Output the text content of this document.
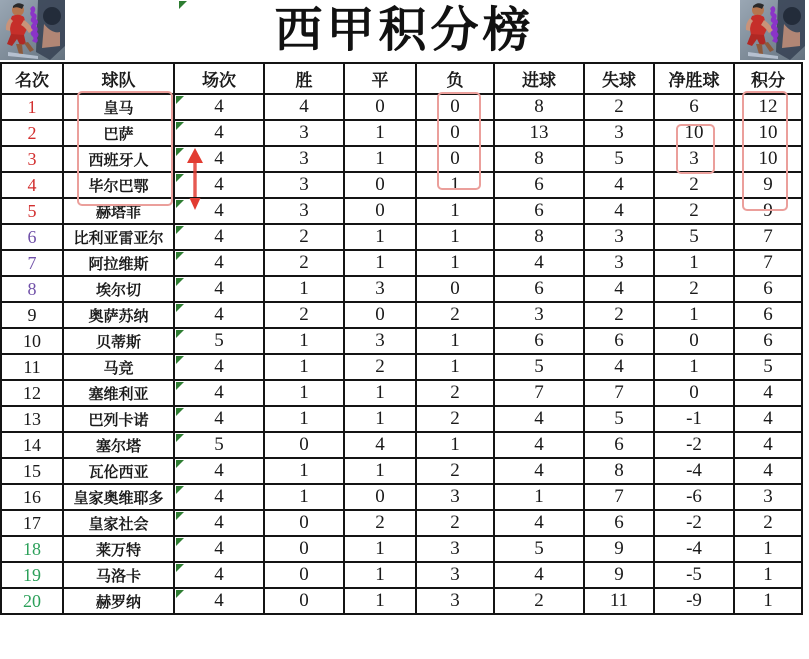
西甲积分榜
名次	球队	场次	胜	平	负	进球	失球	净胜球	积分
1	皇马	4	4	0	0	8	2	6	12
2	巴萨	4	3	1	0	13	3	10	10
3	西班牙人	4	3	1	0	8	5	3	10
4	毕尔巴鄂	4	3	0	1	6	4	2	9
5	赫塔菲	4	3	0	1	6	4	2	9
6	比利亚雷亚尔	4	2	1	1	8	3	5	7
7	阿拉维斯	4	2	1	1	4	3	1	7
8	埃尔切	4	1	3	0	6	4	2	6
9	奥萨苏纳	4	2	0	2	3	2	1	6
10	贝蒂斯	5	1	3	1	6	6	0	6
11	马竞	4	1	2	1	5	4	1	5
12	塞维利亚	4	1	1	2	7	7	0	4
13	巴列卡诺	4	1	1	2	4	5	-1	4
14	塞尔塔	5	0	4	1	4	6	-2	4
15	瓦伦西亚	4	1	1	2	4	8	-4	4
16	皇家奥维耶多	4	1	0	3	1	7	-6	3
17	皇家社会	4	0	2	2	4	6	-2	2
18	莱万特	4	0	1	3	5	9	-4	1
19	马洛卡	4	0	1	3	4	9	-5	1
20	赫罗纳	4	0	1	3	2	11	-9	1
